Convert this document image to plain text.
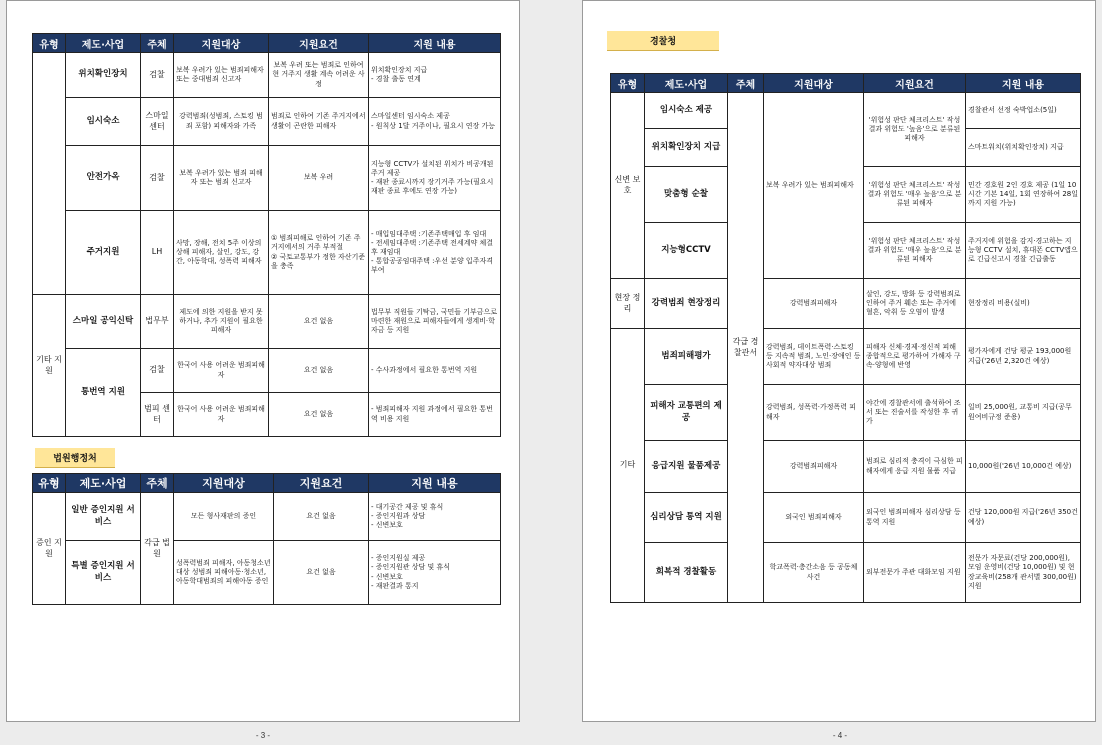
유형	제도·사업	주체	지원대상	지원요건	지원 내용
	위치확인장치	검찰	보복 우려가 있는 범죄피해자 또는 중대범죄 신고자	보복 우려 또는 범죄로 인하여 현 거주지 생활 계속 어려운 사정	위치확인장치 지급
- 경찰 출동 연계

	임시숙소	스마일 센터	강력범죄(성범죄, 스토킹 범죄 포함) 피해자와 가족	범죄로 인하여 기존 주거지에서 생활이 곤란한 피해자	스마일센터 임시숙소 제공
- 원칙상 1달 거주이나, 필요시 연장 가능

	안전가옥	검찰	보복 우려가 있는 범죄 피해자 또는 범죄 신고자	보복 우려	지능형 CCTV가 설치된 위치가 비공개된 주거 제공
- 재판 종료시까지 장기거주 가능(필요시 재판 종료 후에도 연장 가능)

	주거지원	LH	사망, 장해, 전치 5주 이상의 상해 피해자, 살인, 강도, 강간, 아동학대, 성폭력 피해자	① 범죄피해로 인하여 기존 주거지에서의 거주 부적절
② 국토교통부가 정한 자산기준을 충족	- 매입임대주택 :기존주택매입 후 임대
- 전세임대주택 :기존주택 전세계약 체결 후 재임대
- 통합공공임대주택 :우선 분양 입주자격 부여

기타 지원	스마일 공익신탁	법무부	제도에 의한 지원을 받지 못하거나, 추가 지원이 필요한 피해자	요건 없음	법무부 직원들 기탁금, 국민들 기부금으로 마련한 재원으로 피해자들에게 생계비·학자금 등 지원
	통번역 지원	검찰	한국어 사용 어려운 범죄피해자	요건 없음	- 수사과정에서 필요한 통번역 지원
		범피 센터	한국어 사용 어려운 범죄피해자	요건 없음	- 범죄피해자 지원 과정에서 필요한 통번역 비용 지원
법원행정처
유형	제도·사업	주체	지원대상	지원요건	지원 내용
증인 지원	일반 증인지원 서비스	각급 법원	모든 형사재판의 증인	요건 없음	- 대기공간 제공 및 휴식
- 증인지원과 상담
- 신변보호

	특별 증인지원 서비스		성폭력범죄 피해자, 아동청소년 대상 성범죄 피해아동·청소년, 아동학대범죄의 피해아동 증인	요건 없음	- 증인지원실 제공
- 증인지원관 상담 및 휴식
- 신변보호
- 재판결과 통지
- 3 -
경찰청
유형	제도·사업	주체	지원대상	지원요건	지원 내용
신변 보호	임시숙소 제공	각급 경찰관서	보복 우려가 있는 범죄피해자	'위험성 판단 체크리스트' 작성 결과 위험도 '높음'으로 분류된 피해자	경찰관서 선정 숙박업소(5일)
	위치확인장치 지급				스마트워치(위치확인장치) 지급
	맞춤형 순찰			'위험성 판단 체크리스트' 작성 결과 위험도 '매우 높음'으로 분류된 피해자	민간 경호원 2인 경호 제공 (1일 10시간 기본 14일, 1회 연장하여 28일까지 지원 가능)
	지능형CCTV			'위험성 판단 체크리스트' 작성 결과 위험도 '매우 높음'으로 분류된 피해자	주거지에 위험을 감지·경고하는 지능형 CCTV 설치, 휴대폰 CCTV앱으로 긴급신고시 경찰 긴급출동
현장 정리	강력범죄 현장정리		강력범죄피해자	살인, 강도, 방화 등 강력범죄로 인하여 주거 훼손 또는 주거에 혈흔, 악취 등 오염이 발생	현장정리 비용(실비)
기타	범죄피해평가		강력범죄, 데이트폭력·스토킹 등 지속적 범죄, 노인·장애인 등 사회적 약자대상 범죄	피해자 신체·경제·정신적 피해 종합적으로 평가하여 가해자 구속·양형에 반영	평가자에게 건당 평균 193,000원 지급('26년 2,320건 예상)
	피해자 교통편의 제공		강력범죄, 성폭력·가정폭력 피해자	야간에 경찰관서에 출석하여 조서 또는 진술서를 작성한 후 귀가	일비 25,000원, 교통비 지급(공무원여비규정 준용)
	응급지원 물품제공		강력범죄피해자	범죄로 심리적 충격이 극심한 피해자에게 응급 지원 물품 지급	10,000원('26년 10,000건 예상)
	심리상담 통역 지원		외국인 범죄피해자	외국인 범죄피해자 심리상담 등 통역 지원	건당 120,000원 지급('26년 350건 예상)
	회복적 경찰활동		학교폭력·층간소음 등 공동체 사건	외부전문가 주관 대화모임 지원	전문가 자문료(건당 200,000원), 모임 운영비(건당 10,000원) 및 현장교육비(258개 관서별 300,00원) 지원
- 4 -
